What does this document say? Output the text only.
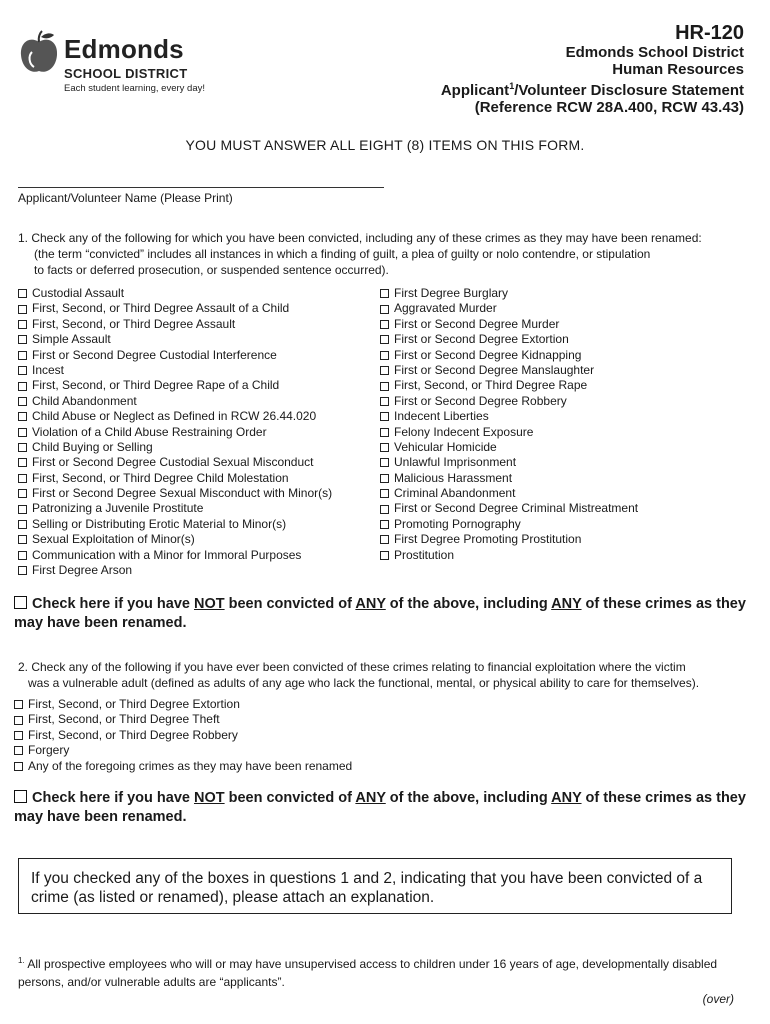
Edmonds
SCHOOL DISTRICT
Each student learning, every day!
HR-120
Edmonds School District
Human Resources
Applicant$^1$/Volunteer Disclosure Statement
(Reference RCW 28A.400, RCW 43.43)
YOU MUST ANSWER ALL EIGHT (8) ITEMS ON THIS FORM.
Applicant/Volunteer Name (Please Print)
1. Check any of the following for which you have been convicted, including any of these crimes as they may have been renamed:
(the term “convicted” includes all instances in which a finding of guilt, a plea of guilty or nolo contendre, or stipulation
to facts or deferred prosecution, or suspended sentence occurred).
Custodial Assault
First, Second, or Third Degree Assault of a Child
First, Second, or Third Degree Assault
Simple Assault
First or Second Degree Custodial Interference
Incest
First, Second, or Third Degree Rape of a Child
Child Abandonment
Child Abuse or Neglect as Defined in RCW 26.44.020
Violation of a Child Abuse Restraining Order
Child Buying or Selling
First or Second Degree Custodial Sexual Misconduct
First, Second, or Third Degree Child Molestation
First or Second Degree Sexual Misconduct with Minor(s)
Patronizing a Juvenile Prostitute
Selling or Distributing Erotic Material to Minor(s)
Sexual Exploitation of Minor(s)
Communication with a Minor for Immoral Purposes
First Degree Arson
First Degree Burglary
Aggravated Murder
First or Second Degree Murder
First or Second Degree Extortion
First or Second Degree Kidnapping
First or Second Degree Manslaughter
First, Second, or Third Degree Rape
First or Second Degree Robbery
Indecent Liberties
Felony Indecent Exposure
Vehicular Homicide
Unlawful Imprisonment
Malicious Harassment
Criminal Abandonment
First or Second Degree Criminal Mistreatment
Promoting Pornography
First Degree Promoting Prostitution
Prostitution
Check here if you have NOT been convicted of ANY of the above, including ANY of these crimes as they may have been renamed.
2. Check any of the following if you have ever been convicted of these crimes relating to financial exploitation where the victim
was a vulnerable adult (defined as adults of any age who lack the functional, mental, or physical ability to care for themselves).
First, Second, or Third Degree Extortion
First, Second, or Third Degree Theft
First, Second, or Third Degree Robbery
Forgery
Any of the foregoing crimes as they may have been renamed
Check here if you have NOT been convicted of ANY of the above, including ANY of these crimes as they may have been renamed.
If you checked any of the boxes in questions 1 and 2, indicating that you have been convicted of a crime (as listed or renamed), please attach an explanation.
$^{1.}$ All prospective employees who will or may have unsupervised access to children under 16 years of age, developmentally disabled persons, and/or vulnerable adults are “applicants”.
(over)
